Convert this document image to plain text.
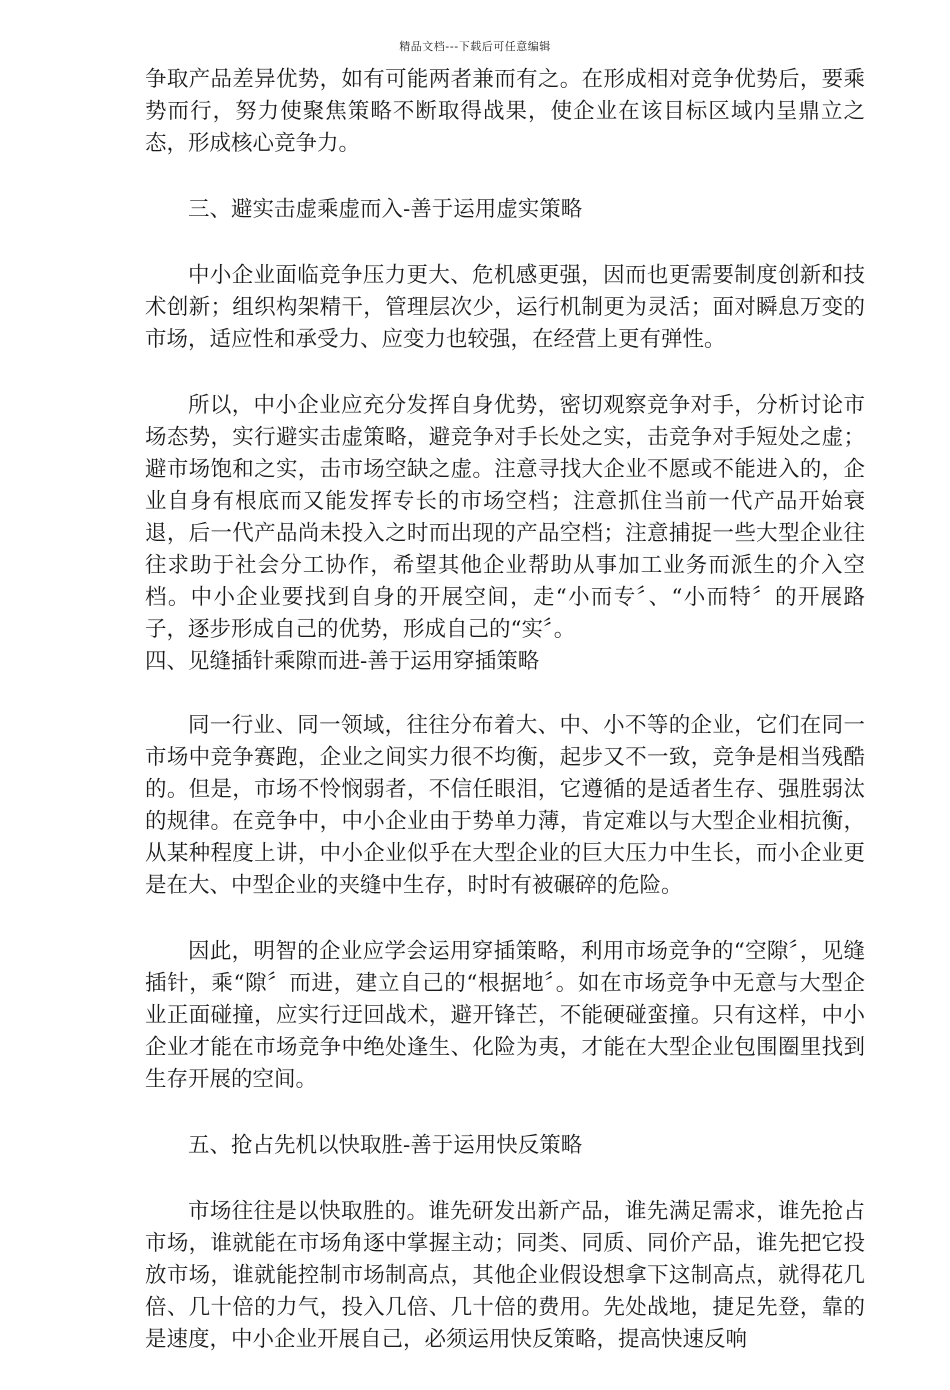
精品文档---下载后可任意编辑

争取产品差异优势，如有可能两者兼而有之。在形成相对竞争优势后，要乘势而行，努力使聚焦策略不断取得战果，使企业在该目标区域内呈鼎立之态，形成核心竞争力。

三、避实击虚乘虚而入-善于运用虚实策略

中小企业面临竞争压力更大、危机感更强，因而也更需要制度创新和技术创新；组织构架精干，管理层次少，运行机制更为灵活；面对瞬息万变的市场，适应性和承受力、应变力也较强，在经营上更有弹性。

所以，中小企业应充分发挥自身优势，密切观察竞争对手，分析讨论市场态势，实行避实击虚策略，避竞争对手长处之实，击竞争对手短处之虚；避市场饱和之实，击市场空缺之虚。注意寻找大企业不愿或不能进入的，企业自身有根底而又能发挥专长的市场空档；注意抓住当前一代产品开始衰退，后一代产品尚未投入之时而出现的产品空档；注意捕捉一些大型企业往往求助于社会分工协作，希望其他企业帮助从事加工业务而派生的介入空档。中小企业要找到自身的开展空间，走“小而专〞、“小而特〞的开展路子，逐步形成自己的优势，形成自己的“实〞。

四、见缝插针乘隙而进-善于运用穿插策略

同一行业、同一领域，往往分布着大、中、小不等的企业，它们在同一市场中竞争赛跑，企业之间实力很不均衡，起步又不一致，竞争是相当残酷的。但是，市场不怜悯弱者，不信任眼泪，它遵循的是适者生存、强胜弱汰的规律。在竞争中，中小企业由于势单力薄，肯定难以与大型企业相抗衡，从某种程度上讲，中小企业似乎在大型企业的巨大压力中生长，而小企业更是在大、中型企业的夹缝中生存，时时有被碾碎的危险。

因此，明智的企业应学会运用穿插策略，利用市场竞争的“空隙〞，见缝插针，乘“隙〞而进，建立自己的“根据地〞。如在市场竞争中无意与大型企业正面碰撞，应实行迂回战术，避开锋芒，不能硬碰蛮撞。只有这样，中小企业才能在市场竞争中绝处逢生、化险为夷，才能在大型企业包围圈里找到生存开展的空间。

五、抢占先机以快取胜-善于运用快反策略

市场往往是以快取胜的。谁先研发出新产品，谁先满足需求，谁先抢占市场，谁就能在市场角逐中掌握主动；同类、同质、同价产品，谁先把它投放市场，谁就能控制市场制高点，其他企业假设想拿下这制高点，就得花几倍、几十倍的力气，投入几倍、几十倍的费用。先处战地，捷足先登，靠的是速度，中小企业开展自己，必须运用快反策略，提高快速反响
